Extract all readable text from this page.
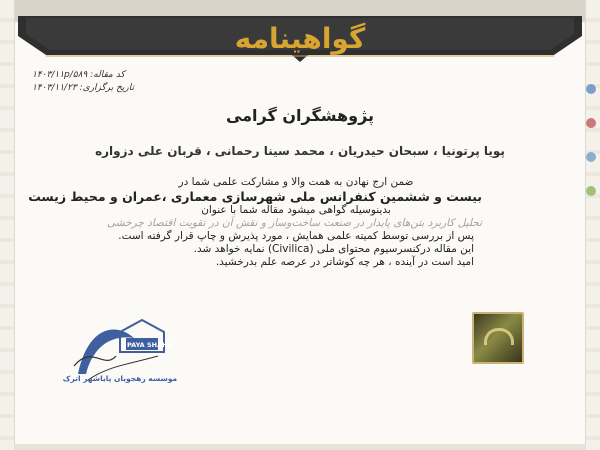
گواهینامه
کد مقاله: ۱۴۰۳/۱۱p/۵۸۹
تاریخ برگزاری: ۱۴۰۳/۱۱/۲۳
پژوهشگران گرامی
پویا پرتونیا ، سبحان حیدریان ، محمد سینا رحمانی ، قربان علی دزواره
ضمن ارج نهادن به همت والا و مشارکت علمی شما در
بیست و ششمین کنفرانس ملی شهرسازی معماری ،عمران و محیط زیست
بدینوسیله گواهی میشود مقاله شما با عنوان
تحلیل کاربرد بتن‌های پایدار در صنعت ساخت‌وساز و نقش آن در تقویت اقتصاد چرخشی
پس از بررسی توسط کمیته علمی همایش ، مورد پذیرش و چاپ قرار گرفته است.
این مقاله درکنسرسیوم محتوای ملی (Civilica) نمایه خواهد شد.
امید است در آینده ، هر چه کوشاتر در عرصه علم بدرخشید.
PAYA SHAHR
موسسه رهجویان پایاشهر اترک
